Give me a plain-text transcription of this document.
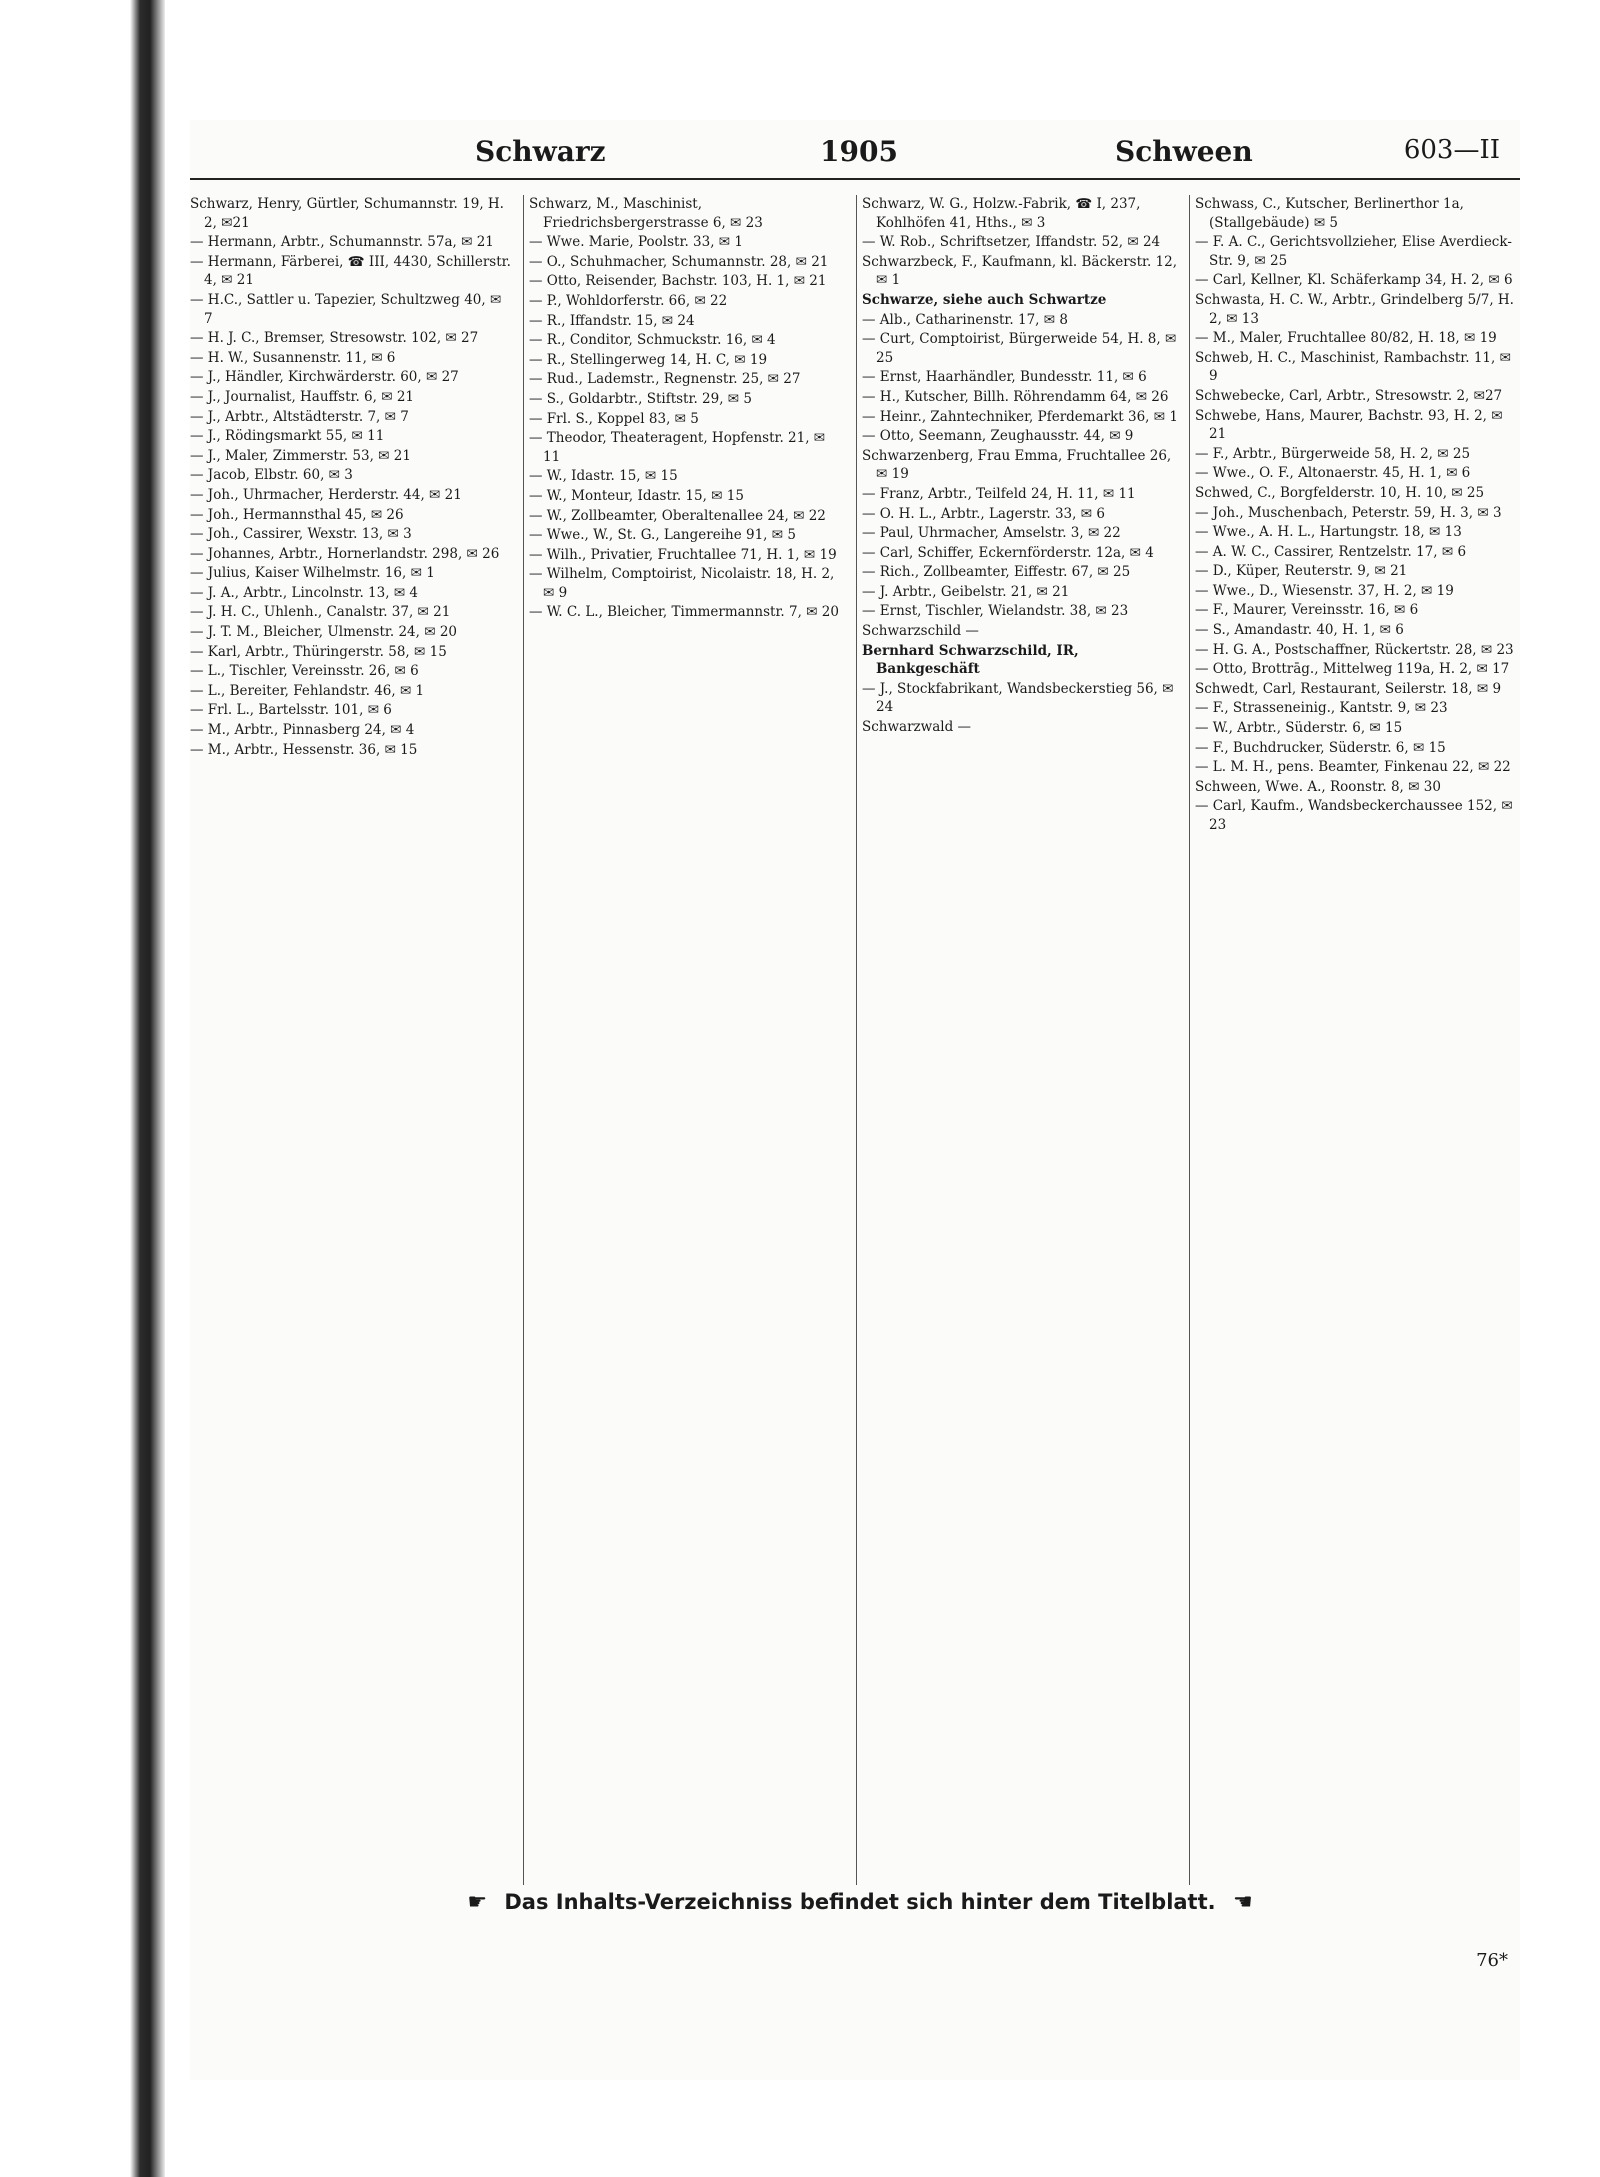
Schwarz	1905	Schween	603—II

Schwarz, Henry, Gürtler, Schumannstr. 19, H. 2, ✉21

— Hermann, Arbtr., Schumannstr. 57a, ✉ 21

— Hermann, Färberei, ☎ III, 4430, Schillerstr. 4, ✉ 21

— H.C., Sattler u. Tapezier, Schultzweg 40, ✉ 7

— H. J. C., Bremser, Stresowstr. 102, ✉ 27

— H. W., Susannenstr. 11, ✉ 6

— J., Händler, Kirchwärderstr. 60, ✉ 27

— J., Journalist, Hauffstr. 6, ✉ 21

— J., Arbtr., Altstädterstr. 7, ✉ 7

— J., Rödingsmarkt 55, ✉ 11

— J., Maler, Zimmerstr. 53, ✉ 21

— Jacob, Elbstr. 60, ✉ 3

— Joh., Uhrmacher, Herderstr. 44, ✉ 21

— Joh., Hermannsthal 45, ✉ 26

— Joh., Cassirer, Wexstr. 13, ✉ 3

— Johannes, Arbtr., Hornerlandstr. 298, ✉ 26

— Julius, Kaiser Wilhelmstr. 16, ✉ 1

— J. A., Arbtr., Lincolnstr. 13, ✉ 4

— J. H. C., Uhlenh., Canalstr. 37, ✉ 21

— J. T. M., Bleicher, Ulmenstr. 24, ✉ 20

— Karl, Arbtr., Thüringerstr. 58, ✉ 15

— L., Tischler, Vereinsstr. 26, ✉ 6

— L., Bereiter, Fehlandstr. 46, ✉ 1

— Frl. L., Bartelsstr. 101, ✉ 6

— M., Arbtr., Pinnasberg 24, ✉ 4

— M., Arbtr., Hessenstr. 36, ✉ 15

Schwarz, M., Maschinist, Friedrichsbergerstrasse 6, ✉ 23

— Wwe. Marie, Poolstr. 33, ✉ 1

— O., Schuhmacher, Schumannstr. 28, ✉ 21

— Otto, Reisender, Bachstr. 103, H. 1, ✉ 21

— P., Wohldorferstr. 66, ✉ 22

— R., Iffandstr. 15, ✉ 24

— R., Conditor, Schmuckstr. 16, ✉ 4

— R., Stellingerweg 14, H. C, ✉ 19

— Rud., Lademstr., Regnenstr. 25, ✉ 27

— S., Goldarbtr., Stiftstr. 29, ✉ 5

— Frl. S., Koppel 83, ✉ 5

— Theodor, Theateragent, Hopfenstr. 21, ✉ 11

— W., Idastr. 15, ✉ 15

— W., Monteur, Idastr. 15, ✉ 15

— W., Zollbeamter, Oberaltenallee 24, ✉ 22

— Wwe., W., St. G., Langereihe 91, ✉ 5

— Wilh., Privatier, Fruchtallee 71, H. 1, ✉ 19

— Wilhelm, Comptoirist, Nicolaistr. 18, H. 2, ✉ 9

— W. C. L., Bleicher, Timmermannstr. 7, ✉ 20

Schwarz, W. G., Holzw.-Fabrik, ☎ I, 237, Kohlhöfen 41, Hths., ✉ 3

— W. Rob., Schriftsetzer, Iffandstr. 52, ✉ 24

Schwarzbeck, F., Kaufmann, kl. Bäckerstr. 12, ✉ 1

Schwarze, siehe auch Schwartze

— Alb., Catharinenstr. 17, ✉ 8

— Curt, Comptoirist, Bürgerweide 54, H. 8, ✉ 25

— Ernst, Haarhändler, Bundesstr. 11, ✉ 6

— H., Kutscher, Billh. Röhrendamm 64, ✉ 26

— Heinr., Zahntechniker, Pferdemarkt 36, ✉ 1

— Otto, Seemann, Zeughausstr. 44, ✉ 9

Schwarzenberg, Frau Emma, Fruchtallee 26, ✉ 19

— Franz, Arbtr., Teilfeld 24, H. 11, ✉ 11

— O. H. L., Arbtr., Lagerstr. 33, ✉ 6

— Paul, Uhrmacher, Amselstr. 3, ✉ 22

— Carl, Schiffer, Eckernförderstr. 12a, ✉ 4

— Rich., Zollbeamter, Eiffestr. 67, ✉ 25

— J. Arbtr., Geibelstr. 21, ✉ 21

— Ernst, Tischler, Wielandstr. 38, ✉ 23

Schwarzschild —

Bernhard Schwarzschild, IR, Bankgeschäft

— J., Stockfabrikant, Wandsbeckerstieg 56, ✉ 24

Schwarzwald —

Schwass, C., Kutscher, Berlinerthor 1a, (Stallgebäude) ✉ 5

— F. A. C., Gerichtsvollzieher, Elise Averdieck-Str. 9, ✉ 25

— Carl, Kellner, Kl. Schäferkamp 34, H. 2, ✉ 6

Schwasta, H. C. W., Arbtr., Grindelberg 5/7, H. 2, ✉ 13

— M., Maler, Fruchtallee 80/82, H. 18, ✉ 19

Schweb, H. C., Maschinist, Rambachstr. 11, ✉ 9

Schwebecke, Carl, Arbtr., Stresowstr. 2, ✉27

Schwebe, Hans, Maurer, Bachstr. 93, H. 2, ✉ 21

— F., Arbtr., Bürgerweide 58, H. 2, ✉ 25

— Wwe., O. F., Altonaerstr. 45, H. 1, ✉ 6

Schwed, C., Borgfelderstr. 10, H. 10, ✉ 25

— Joh., Muschenbach, Peterstr. 59, H. 3, ✉ 3

— Wwe., A. H. L., Hartungstr. 18, ✉ 13

— A. W. C., Cassirer, Rentzelstr. 17, ✉ 6

— D., Küper, Reuterstr. 9, ✉ 21

— Wwe., D., Wiesenstr. 37, H. 2, ✉ 19

— F., Maurer, Vereinsstr. 16, ✉ 6

— S., Amandastr. 40, H. 1, ✉ 6

— H. G. A., Postschaffner, Rückertstr. 28, ✉ 23

— Otto, Brottrāg., Mittelweg 119a, H. 2, ✉ 17

Schwedt, Carl, Restaurant, Seilerstr. 18, ✉ 9

— F., Strasseneinig., Kantstr. 9, ✉ 23

— W., Arbtr., Süderstr. 6, ✉ 15

— F., Buchdrucker, Süderstr. 6, ✉ 15

— L. M. H., pens. Beamter, Finkenau 22, ✉ 22

Schween, Wwe. A., Roonstr. 8, ✉ 30

— Carl, Kaufm., Wandsbeckerchaussee 152, ✉ 23

☛ Das Inhalts-Verzeichniss befindet sich hinter dem Titelblatt. ☚
76*
